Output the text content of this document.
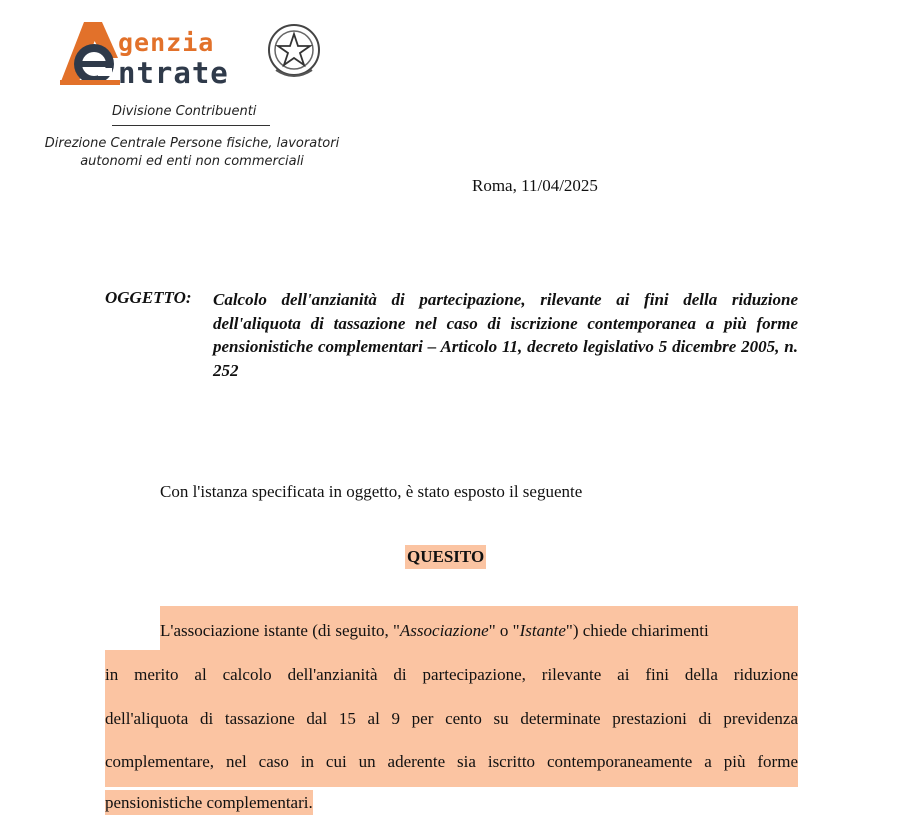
genzia
ntrate
Divisione Contribuenti
Direzione Centrale Persone fisiche, lavoratori
autonomi ed enti non commerciali
Roma, 11/04/2025
OGGETTO: Calcolo dell'anzianità di partecipazione, rilevante ai fini della riduzione dell'aliquota di tassazione nel caso di iscrizione contemporanea a più forme pensionistiche complementari – Articolo 11, decreto legislativo 5 dicembre 2005, n. 252
Con l'istanza specificata in oggetto, è stato esposto il seguente
QUESITO
L'associazione istante (di seguito, "Associazione" o "Istante") chiede chiarimenti
in merito al calcolo dell'anzianità di partecipazione, rilevante ai fini della riduzione
dell'aliquota di tassazione dal 15 al 9 per cento su determinate prestazioni di previdenza
complementare, nel caso in cui un aderente sia iscritto contemporaneamente a più forme
pensionistiche complementari.
